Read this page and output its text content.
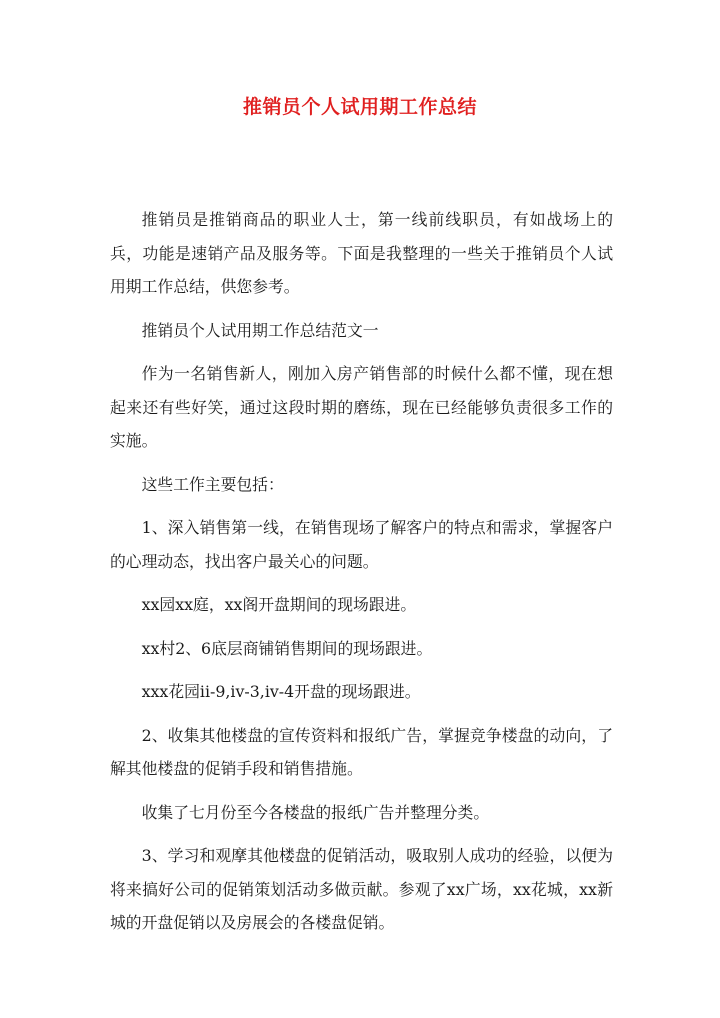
推销员个人试用期工作总结

推销员是推销商品的职业人士，第一线前线职员，有如战场上的兵，功能是速销产品及服务等。下面是我整理的一些关于推销员个人试用期工作总结，供您参考。

推销员个人试用期工作总结范文一

作为一名销售新人，刚加入房产销售部的时候什么都不懂，现在想起来还有些好笑，通过这段时期的磨练，现在已经能够负责很多工作的实施。

这些工作主要包括：

1、深入销售第一线，在销售现场了解客户的特点和需求，掌握客户的心理动态，找出客户最关心的问题。

xx园xx庭，xx阁开盘期间的现场跟进。

xx村2、6底层商铺销售期间的现场跟进。

xxx花园ii-9,iv-3,iv-4开盘的现场跟进。

2、收集其他楼盘的宣传资料和报纸广告，掌握竞争楼盘的动向，了解其他楼盘的促销手段和销售措施。

收集了七月份至今各楼盘的报纸广告并整理分类。

3、学习和观摩其他楼盘的促销活动，吸取别人成功的经验，以便为将来搞好公司的促销策划活动多做贡献。参观了xx广场，xx花城，xx新城的开盘促销以及房展会的各楼盘促销。
